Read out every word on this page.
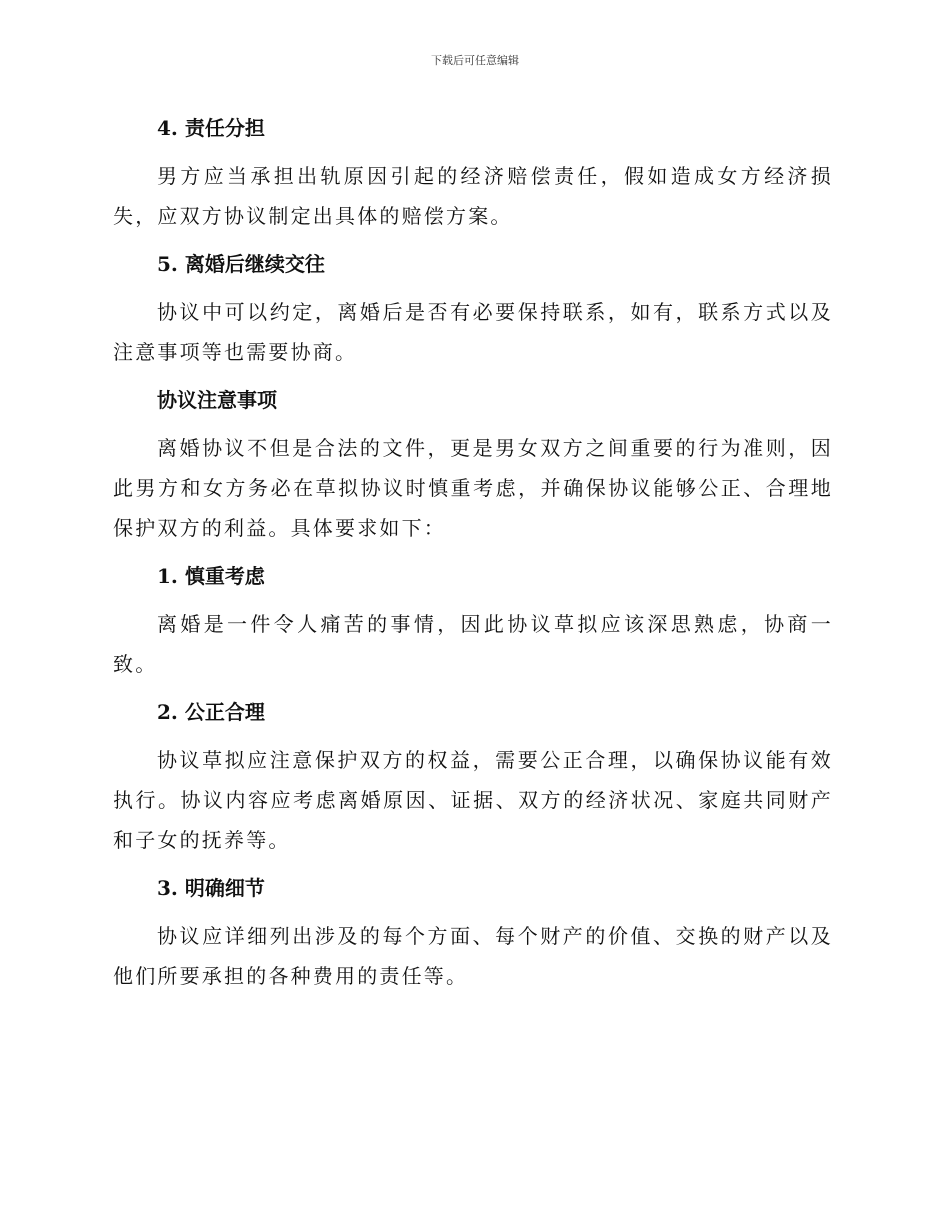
下载后可任意编辑
4. 责任分担

男方应当承担出轨原因引起的经济赔偿责任，假如造成女方经济损失，应双方协议制定出具体的赔偿方案。

5. 离婚后继续交往

协议中可以约定，离婚后是否有必要保持联系，如有，联系方式以及注意事项等也需要协商。

协议注意事项

离婚协议不但是合法的文件，更是男女双方之间重要的行为准则，因此男方和女方务必在草拟协议时慎重考虑，并确保协议能够公正、合理地保护双方的利益。具体要求如下：

1. 慎重考虑

离婚是一件令人痛苦的事情，因此协议草拟应该深思熟虑，协商一致。

2. 公正合理

协议草拟应注意保护双方的权益，需要公正合理，以确保协议能有效执行。协议内容应考虑离婚原因、证据、双方的经济状况、家庭共同财产和子女的抚养等。

3. 明确细节

协议应详细列出涉及的每个方面、每个财产的价值、交换的财产以及他们所要承担的各种费用的责任等。
